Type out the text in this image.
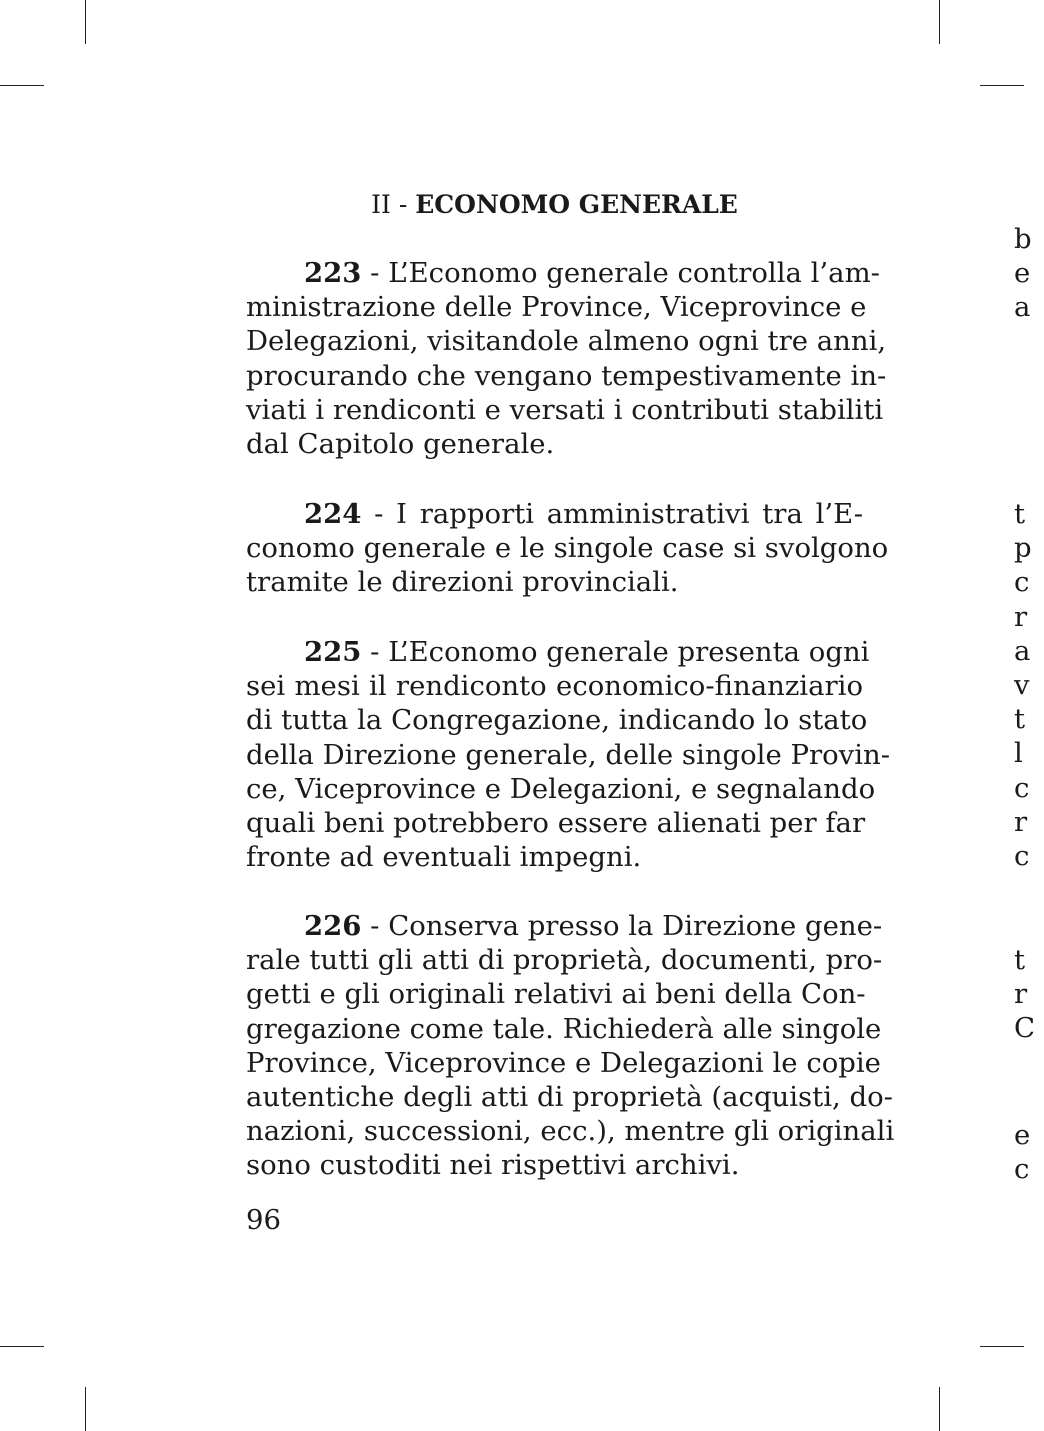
II - ECONOMO GENERALE

223 - L’Economo generale controlla l’am-
ministrazione delle Province, Viceprovince e
Delegazioni, visitandole almeno ogni tre anni,
procurando che vengano tempestivamente in-
viati i rendiconti e versati i contributi stabiliti
dal Capitolo generale.

224 - I rapporti amministrativi tra l’E-
conomo generale e le singole case si svolgono
tramite le direzioni provinciali.

225 - L’Economo generale presenta ogni
sei mesi il rendiconto economico-finanziario
di tutta la Congregazione, indicando lo stato
della Direzione generale, delle singole Provin-
ce, Viceprovince e Delegazioni, e segnalando
quali beni potrebbero essere alienati per far
fronte ad eventuali impegni.

226 - Conserva presso la Direzione gene-
rale tutti gli atti di proprietà, documenti, pro-
getti e gli originali relativi ai beni della Con-
gregazione come tale. Richiederà alle singole
Province, Viceprovince e Delegazioni le copie
autentiche degli atti di proprietà (acquisti, do-
nazioni, successioni, ecc.), mentre gli originali
sono custoditi nei rispettivi archivi.

96
b
e
a
t
p
c
r
a
v
t
l
c
r
c
t
r
C
e
c
